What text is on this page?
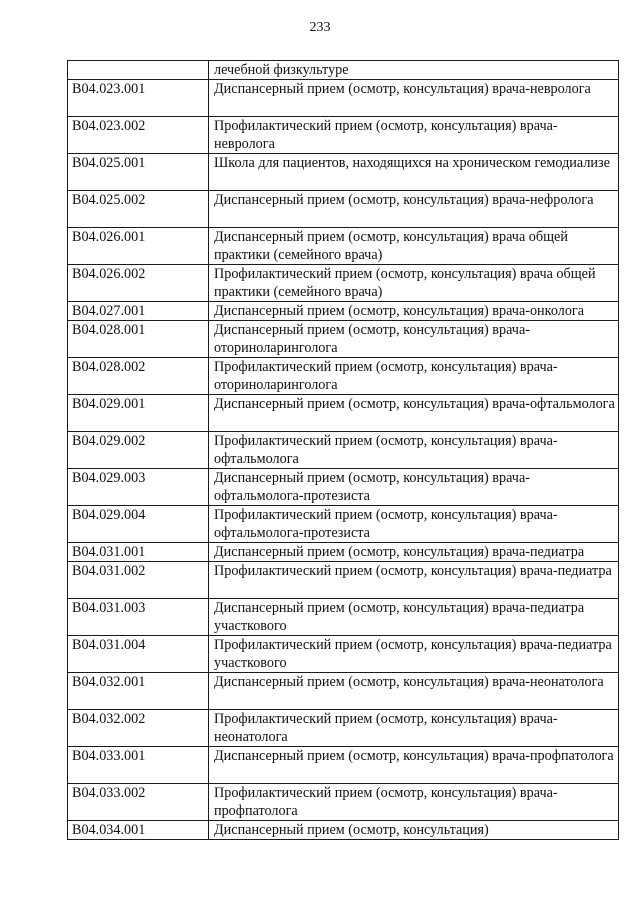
233
	лечебной физкультуре
B04.023.001	Диспансерный прием (осмотр, консультация) врача-невролога
B04.023.002	Профилактический прием (осмотр, консультация) врача-невролога
B04.025.001	Школа для пациентов, находящихся на хроническом гемодиализе
B04.025.002	Диспансерный прием (осмотр, консультация) врача-нефролога
B04.026.001	Диспансерный прием (осмотр, консультация) врача общей практики (семейного врача)
B04.026.002	Профилактический прием (осмотр, консультация) врача общей практики (семейного врача)
B04.027.001	Диспансерный прием (осмотр, консультация) врача-онколога
B04.028.001	Диспансерный прием (осмотр, консультация) врача-оториноларинголога
B04.028.002	Профилактический прием (осмотр, консультация) врача-оториноларинголога
B04.029.001	Диспансерный прием (осмотр, консультация) врача-офтальмолога
B04.029.002	Профилактический прием (осмотр, консультация) врача-офтальмолога
B04.029.003	Диспансерный прием (осмотр, консультация) врача-офтальмолога-протезиста
B04.029.004	Профилактический прием (осмотр, консультация) врача-офтальмолога-протезиста
B04.031.001	Диспансерный прием (осмотр, консультация) врача-педиатра
B04.031.002	Профилактический прием (осмотр, консультация) врача-педиатра
B04.031.003	Диспансерный прием (осмотр, консультация) врача-педиатра участкового
B04.031.004	Профилактический прием (осмотр, консультация) врача-педиатра участкового
B04.032.001	Диспансерный прием (осмотр, консультация) врача-неонатолога
B04.032.002	Профилактический прием (осмотр, консультация) врача-неонатолога
B04.033.001	Диспансерный прием (осмотр, консультация) врача-профпатолога
B04.033.002	Профилактический прием (осмотр, консультация) врача-профпатолога
B04.034.001	Диспансерный прием (осмотр, консультация)
